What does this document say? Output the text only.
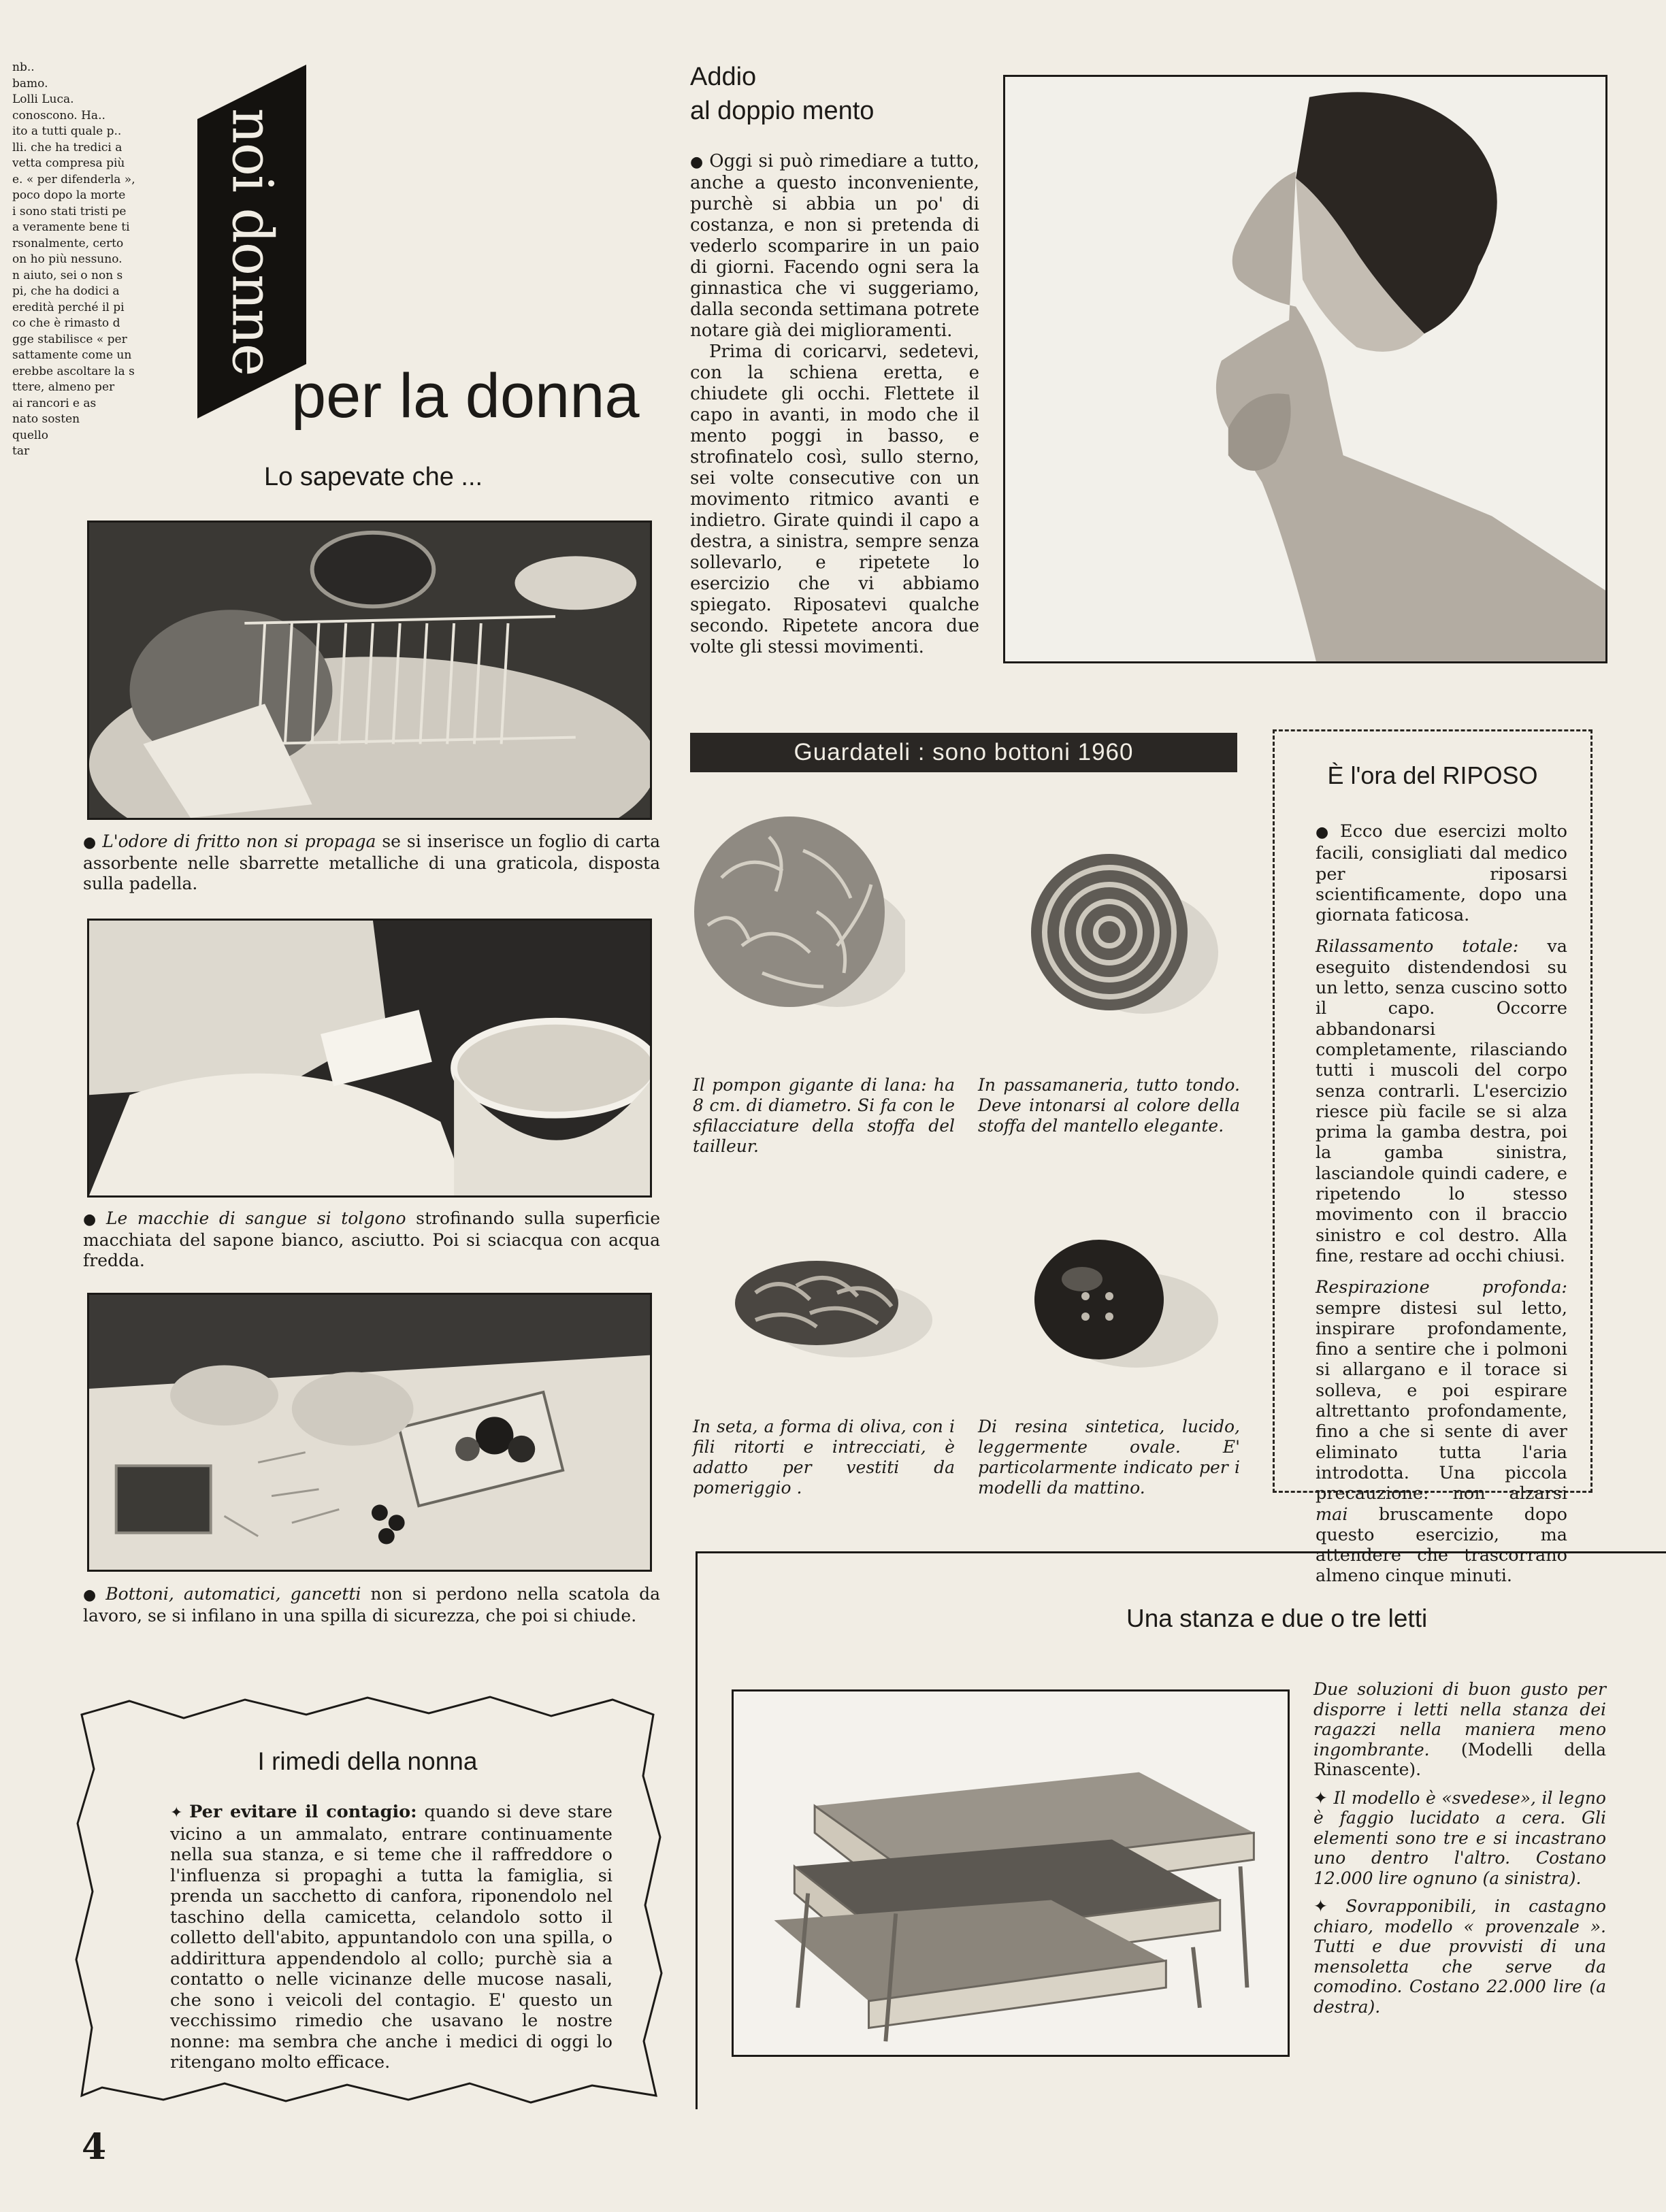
nb..

bamo.

Lolli Luca.

conoscono. Ha..

ito a tutti quale p..

lli. che ha tredici a

vetta compresa più

e. « per difenderla »,

poco dopo la morte

i sono stati tristi pe

a veramente bene ti

rsonalmente, certo

on ho più nessuno.

n aiuto, sei o non s

pi, che ha dodici a

eredità perché il pi

co che è rimasto d

gge stabilisce « per

sattamente come un

erebbe ascoltare la s

ttere, almeno per

ai rancori e as

nato sosten

quello

tar

noi donne
per la donna
Lo sapevate che ...
● L'odore di fritto non si propaga se si inserisce un foglio di carta assorbente nelle sbarrette metalliche di una graticola, disposta sulla padella.
● Le macchie di sangue si tolgono strofinando sulla superficie macchiata del sapone bianco, asciutto. Poi si sciacqua con acqua fredda.
● Bottoni, automatici, gancetti non si perdono nella scatola da lavoro, se si infilano in una spilla di sicurezza, che poi si chiude.
I rimedi della nonna
✦ Per evitare il contagio: quando si deve stare vicino a un ammalato, entrare continuamente nella sua stanza, e si teme che il raffreddore o l'influenza si propaghi a tutta la famiglia, si prenda un sacchetto di canfora, riponendolo nel taschino della camicetta, celandolo sotto il colletto dell'abito, appuntandolo con una spilla, o addirittura appendendolo al collo; purchè sia a contatto o nelle vicinanze delle mucose nasali, che sono i veicoli del contagio. E' questo un vecchissimo rimedio che usavano le nostre nonne: ma sembra che anche i medici di oggi lo ritengano molto efficace.
4
Addio
al doppio mento

● Oggi si può rimediare a tutto, anche a questo inconveniente, purchè si abbia un po' di costanza, e non si pretenda di vederlo scomparire in un paio di giorni. Facendo ogni sera la ginnastica che vi suggeriamo, dalla seconda settimana potrete notare già dei miglioramenti.

Prima di coricarvi, sedetevi, con la schiena eretta, e chiudete gli occhi. Flettete il capo in avanti, in modo che il mento poggi in basso, e strofinatelo così, sullo sterno, sei volte consecutive con un movimento ritmico avanti e indietro. Girate quindi il capo a destra, a sinistra, sempre senza sollevarlo, e ripetete lo esercizio che vi abbiamo spiegato. Riposatevi qualche secondo. Ripetete ancora due volte gli stessi movimenti.

Guardateli : sono bottoni 1960
Il pompon gigante di lana: ha 8 cm. di diametro. Si fa con le sfilacciature della stoffa del tailleur.
In passamaneria, tutto tondo. Deve intonarsi al colore della stoffa del mantello elegante.
In seta, a forma di oliva, con i fili ritorti e intrecciati, è adatto per vestiti da pomeriggio .
Di resina sintetica, lucido, leggermente ovale. E' particolarmente indicato per i modelli da mattino.
È l'ora del RIPOSO

● Ecco due esercizi molto facili, consigliati dal medico per riposarsi scientificamente, dopo una giornata faticosa.

Rilassamento totale: va eseguito distendendosi su un letto, senza cuscino sotto il capo. Occorre abbandonarsi completamente, rilasciando tutti i muscoli del corpo senza contrarli. L'esercizio riesce più facile se si alza prima la gamba destra, poi la gamba sinistra, lasciandole quindi cadere, e ripetendo lo stesso movimento con il braccio sinistro e col destro. Alla fine, restare ad occhi chiusi.

Respirazione profonda: sempre distesi sul letto, inspirare profondamente, fino a sentire che i polmoni si allargano e il torace si solleva, e poi espirare altrettanto profondamente, fino a che si sente di aver eliminato tutta l'aria introdotta. Una piccola precauzione: non alzarsi mai bruscamente dopo questo esercizio, ma attendere che trascorrano almeno cinque minuti.

Una stanza e due o tre letti

Due soluzioni di buon gusto per disporre i letti nella stanza dei ragazzi nella maniera meno ingombrante. (Modelli della Rinascente).

✦ Il modello è «svedese», il legno è faggio lucidato a cera. Gli elementi sono tre e si incastrano uno dentro l'altro. Costano 12.000 lire ognuno (a sinistra).

✦ Sovrapponibili, in castagno chiaro, modello « provenzale ». Tutti e due provvisti di una mensoletta che serve da comodino. Costano 22.000 lire (a destra).
